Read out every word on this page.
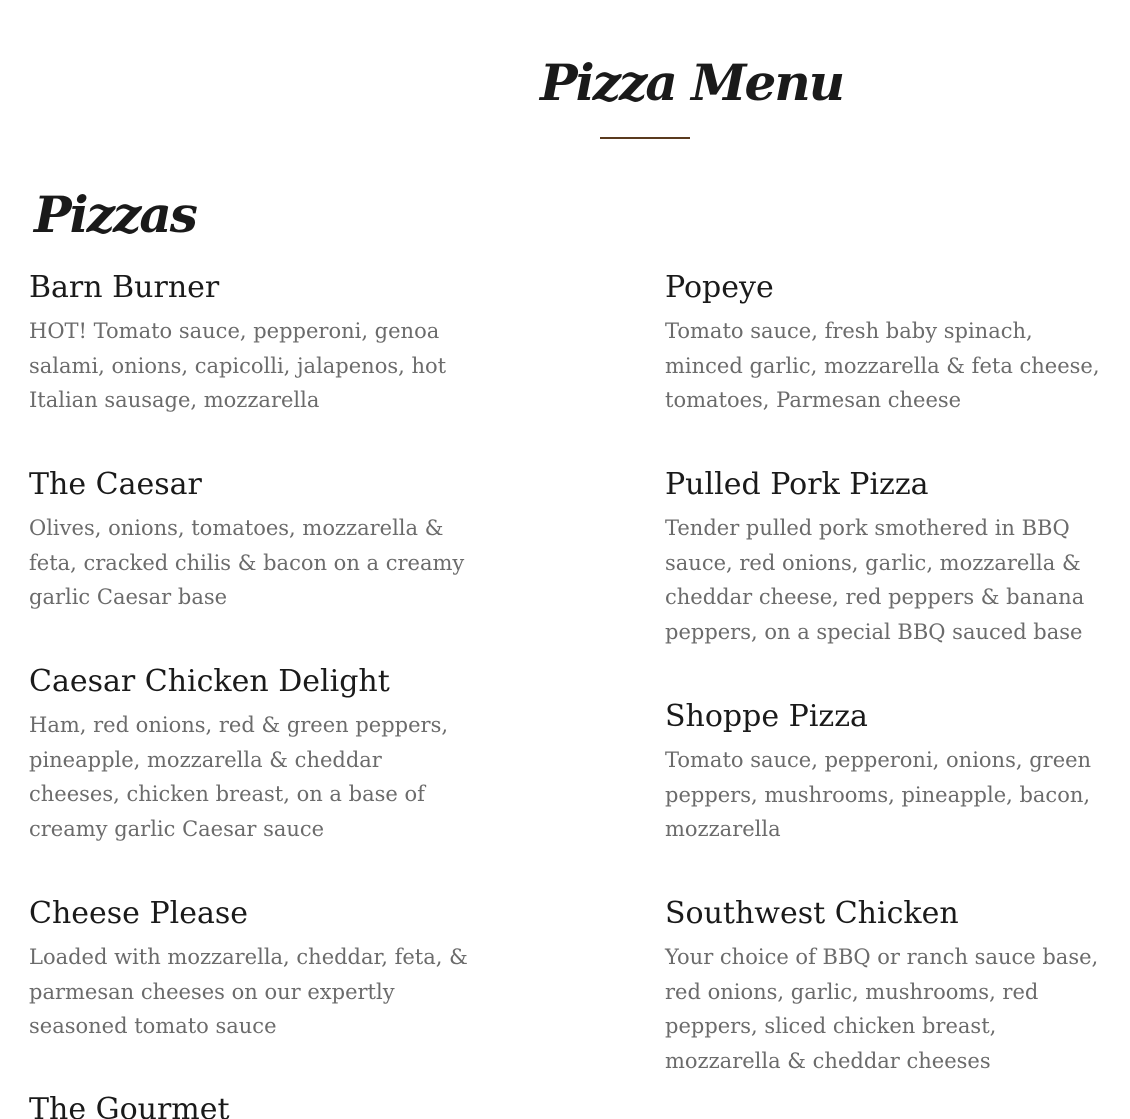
Pizza Menu
Pizzas
Barn Burner

HOT! Tomato sauce, pepperoni, genoa salami, onions, capicolli, jalapenos, hot Italian sausage, mozzarella

Popeye

Tomato sauce, fresh baby spinach, minced garlic, mozzarella & feta cheese, tomatoes, Parmesan cheese

The Caesar

Olives, onions, tomatoes, mozzarella & feta, cracked chilis & bacon on a creamy garlic Caesar base

Pulled Pork Pizza

Tender pulled pork smothered in BBQ sauce, red onions, garlic, mozzarella & cheddar cheese, red peppers & banana peppers, on a special BBQ sauced base

Caesar Chicken Delight

Ham, red onions, red & green peppers, pineapple, mozzarella & cheddar cheeses, chicken breast, on a base of creamy garlic Caesar sauce

Shoppe Pizza

Tomato sauce, pepperoni, onions, green peppers, mushrooms, pineapple, bacon, mozzarella

Cheese Please

Loaded with mozzarella, cheddar, feta, & parmesan cheeses on our expertly seasoned tomato sauce

Southwest Chicken

Your choice of BBQ or ranch sauce base, red onions, garlic, mushrooms, red peppers, sliced chicken breast, mozzarella & cheddar cheeses

The Gourmet
